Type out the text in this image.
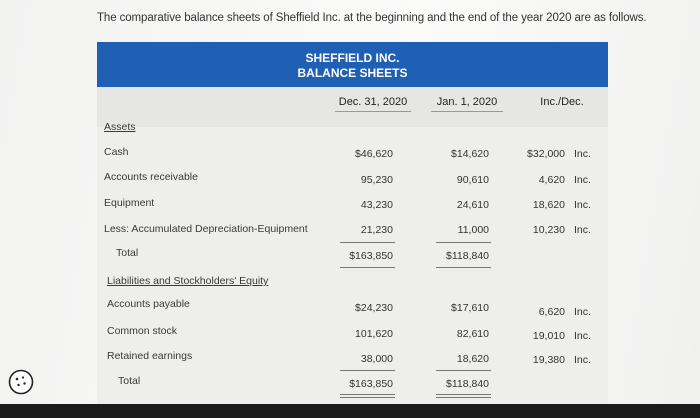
The comparative balance sheets of Sheffield Inc. at the beginning and the end of the year 2020 are as follows.
SHEFFIELD INC.
BALANCE SHEETS
Dec. 31, 2020	Jan. 1, 2020	Inc./Dec.
Assets
Cash	$46,620	$14,620	$32,000 Inc.
Accounts receivable	95,230	90,610	4,620 Inc.
Equipment	43,230	24,610	18,620 Inc.
Less: Accumulated Depreciation-Equipment	21,230	11,000	10,230 Inc.
Total	$163,850	$118,840
Liabilities and Stockholders' Equity
Accounts payable	$24,230	$17,610	6,620 Inc.
Common stock	101,620	82,610	19,010 Inc.
Retained earnings	38,000	18,620	19,380 Inc.
Total	$163,850	$118,840
